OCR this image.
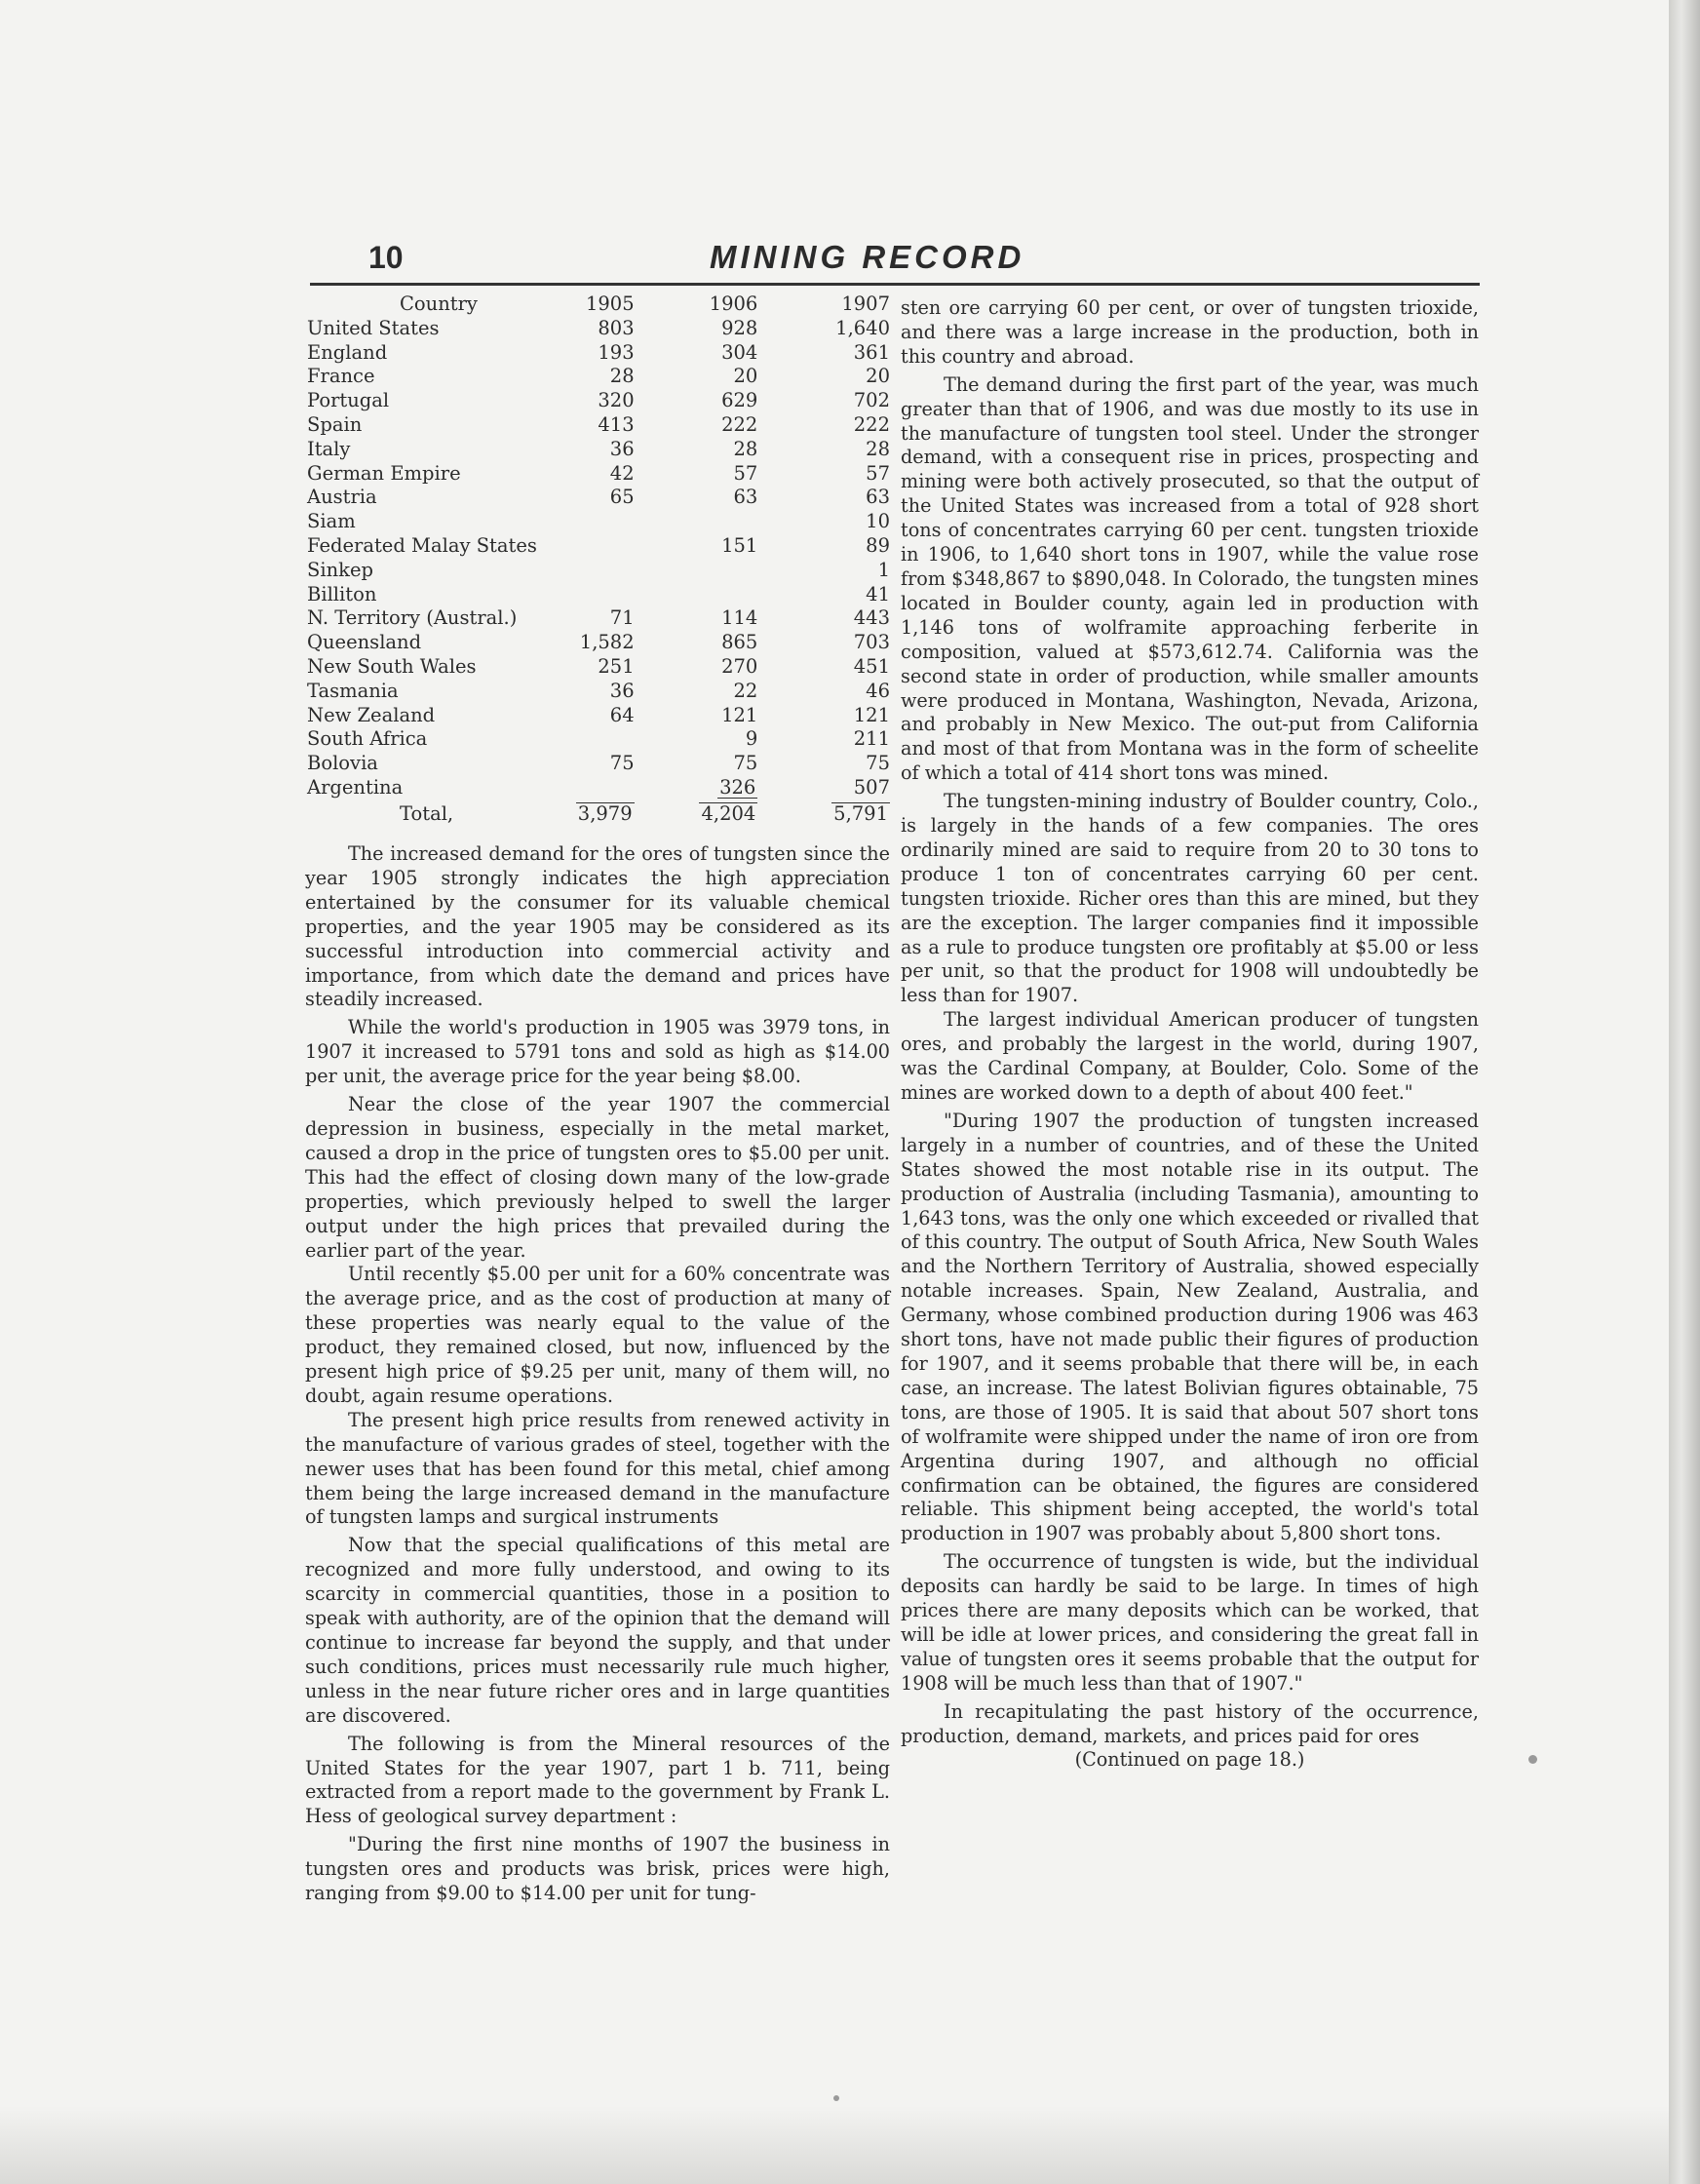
10	MINING RECORD
Country	1905	1906	1907
United States	803	928	1,640
England	193	304	361
France	28	20	20
Portugal	320	629	702
Spain	413	222	222
Italy	36	28	28
German Empire	42	57	57
Austria	65	63	63
Siam			10
Federated Malay States		151	89
Sinkep			1
Billiton			41
N. Territory (Austral.)	71	114	443
Queensland	1,582	865	703
New South Wales	251	270	451
Tasmania	36	22	46
New Zealand	64	121	121
South Africa		9	211
Bolovia	75	75	75
Argentina		326	507
Total,	3,979	4,204	5,791

The increased demand for the ores of tungsten since the year 1905 strongly indicates the high appreciation entertained by the consumer for its valuable chemical properties, and the year 1905 may be considered as its successful introduction into commercial activity and importance, from which date the demand and prices have steadily increased.

While the world's production in 1905 was 3979 tons, in 1907 it increased to 5791 tons and sold as high as $14.00 per unit, the average price for the year being $8.00.

Near the close of the year 1907 the commercial depression in business, especially in the metal market, caused a drop in the price of tungsten ores to $5.00 per unit. This had the effect of closing down many of the low-grade properties, which previously helped to swell the larger output under the high prices that prevailed during the earlier part of the year.

Until recently $5.00 per unit for a 60% concentrate was the average price, and as the cost of production at many of these properties was nearly equal to the value of the product, they remained closed, but now, influenced by the present high price of $9.25 per unit, many of them will, no doubt, again resume operations.

The present high price results from renewed activity in the manufacture of various grades of steel, together with the newer uses that has been found for this metal, chief among them being the large increased demand in the manufacture of tungsten lamps and surgical instruments

Now that the special qualifications of this metal are recognized and more fully understood, and owing to its scarcity in commercial quantities, those in a position to speak with authority, are of the opinion that the demand will continue to increase far beyond the supply, and that under such conditions, prices must necessarily rule much higher, unless in the near future richer ores and in large quantities are discovered.

The following is from the Mineral resources of the United States for the year 1907, part 1 b. 711, being extracted from a report made to the government by Frank L. Hess of geological survey department :

"During the first nine months of 1907 the business in tungsten ores and products was brisk, prices were high, ranging from $9.00 to $14.00 per unit for tung-

sten ore carrying 60 per cent, or over of tungsten trioxide, and there was a large increase in the production, both in this country and abroad.

The demand during the first part of the year, was much greater than that of 1906, and was due mostly to its use in the manufacture of tungsten tool steel. Under the stronger demand, with a consequent rise in prices, prospecting and mining were both actively prosecuted, so that the output of the United States was increased from a total of 928 short tons of concentrates carrying 60 per cent. tungsten trioxide in 1906, to 1,640 short tons in 1907, while the value rose from $348,867 to $890,048. In Colorado, the tungsten mines located in Boulder county, again led in production with 1,146 tons of wolframite approaching ferberite in composition, valued at $573,612.74. California was the second state in order of production, while smaller amounts were produced in Montana, Washington, Nevada, Arizona, and probably in New Mexico. The out-put from California and most of that from Montana was in the form of scheelite of which a total of 414 short tons was mined.

The tungsten-mining industry of Boulder country, Colo., is largely in the hands of a few companies. The ores ordinarily mined are said to require from 20 to 30 tons to produce 1 ton of concentrates carrying 60 per cent. tungsten trioxide. Richer ores than this are mined, but they are the exception. The larger companies find it impossible as a rule to produce tungsten ore profitably at $5.00 or less per unit, so that the product for 1908 will undoubtedly be less than for 1907.

The largest individual American producer of tungsten ores, and probably the largest in the world, during 1907, was the Cardinal Company, at Boulder, Colo. Some of the mines are worked down to a depth of about 400 feet."

"During 1907 the production of tungsten increased largely in a number of countries, and of these the United States showed the most notable rise in its output. The production of Australia (including Tasmania), amounting to 1,643 tons, was the only one which exceeded or rivalled that of this country. The output of South Africa, New South Wales and the Northern Territory of Australia, showed especially notable increases. Spain, New Zealand, Australia, and Germany, whose combined production during 1906 was 463 short tons, have not made public their figures of production for 1907, and it seems probable that there will be, in each case, an increase. The latest Bolivian figures obtainable, 75 tons, are those of 1905. It is said that about 507 short tons of wolframite were shipped under the name of iron ore from Argentina during 1907, and although no official confirmation can be obtained, the figures are considered reliable. This shipment being accepted, the world's total production in 1907 was probably about 5,800 short tons.

The occurrence of tungsten is wide, but the individual deposits can hardly be said to be large. In times of high prices there are many deposits which can be worked, that will be idle at lower prices, and considering the great fall in value of tungsten ores it seems probable that the output for 1908 will be much less than that of 1907."

In recapitulating the past history of the occurrence, production, demand, markets, and prices paid for ores

(Continued on page 18.)
